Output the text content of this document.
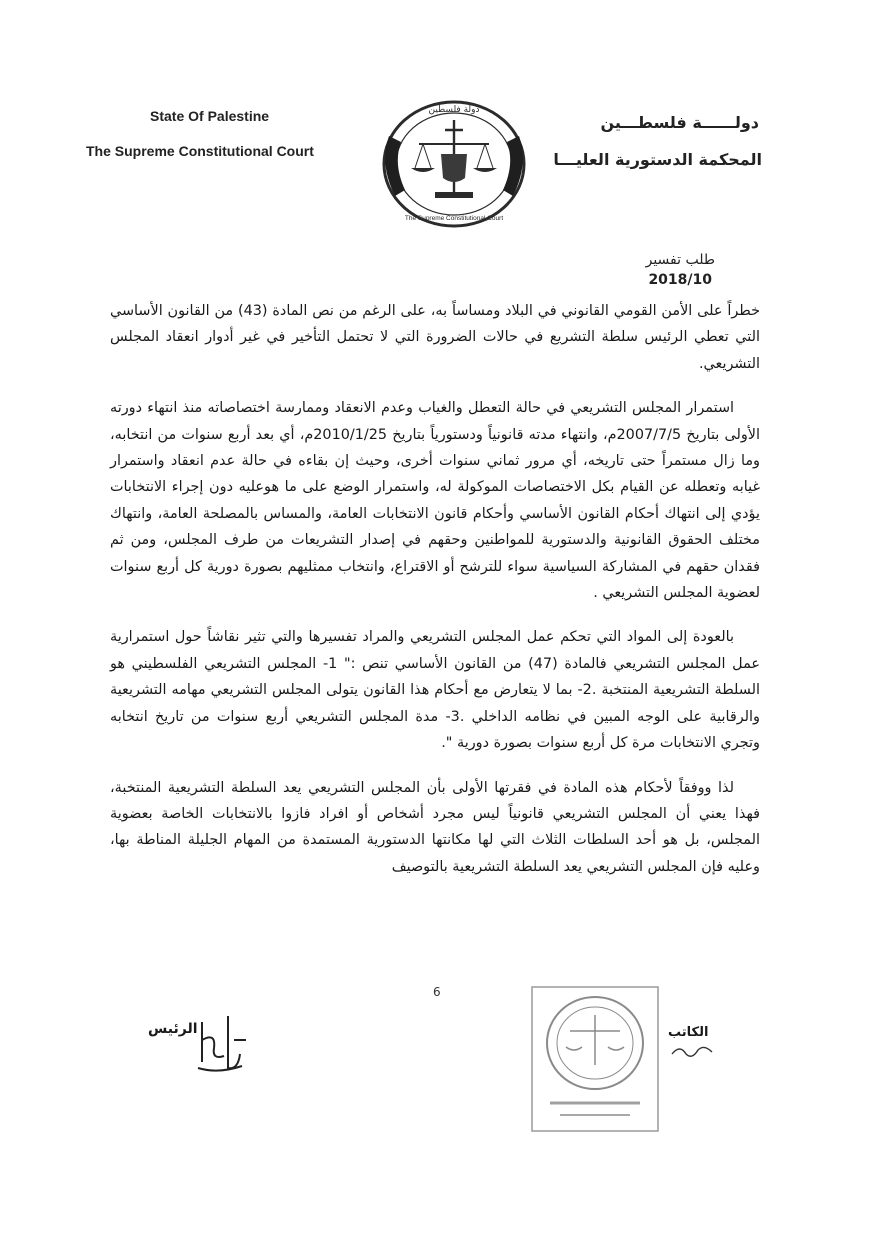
State Of Palestine
The Supreme Constitutional Court
دولــــــة فلسطـــين
المحكمة الدستورية العليـــا
دولة فلسطين
The Supreme Constitutional Court
طلب تفسير
2018/10

خطراً على الأمن القومي القانوني في البلاد ومساساً به، على الرغم من نص المادة (43) من القانون الأساسي التي تعطي الرئيس سلطة التشريع في حالات الضرورة التي لا تحتمل التأخير في غير أدوار انعقاد المجلس التشريعي.

استمرار المجلس التشريعي في حالة التعطل والغياب وعدم الانعقاد وممارسة اختصاصاته منذ انتهاء دورته الأولى بتاريخ 2007/7/5م، وانتهاء مدته قانونياً ودستورياً بتاريخ 2010/1/25م، أي بعد أربع سنوات من انتخابه، وما زال مستمراً حتى تاريخه، أي مرور ثماني سنوات أخرى، وحيث إن بقاءه في حالة عدم انعقاد واستمرار غيابه وتعطله عن القيام بكل الاختصاصات الموكولة له، واستمرار الوضع على ما هوعليه دون إجراء الانتخابات يؤدي إلى انتهاك أحكام القانون الأساسي وأحكام قانون الانتخابات العامة، والمساس بالمصلحة العامة، وانتهاك مختلف الحقوق القانونية والدستورية للمواطنين وحقهم في إصدار التشريعات من طرف المجلس، ومن ثم فقدان حقهم في المشاركة السياسية سواء للترشح أو الاقتراع، وانتخاب ممثليهم بصورة دورية كل أربع سنوات لعضوية المجلس التشريعي .

بالعودة إلى المواد التي تحكم عمل المجلس التشريعي والمراد تفسيرها والتي تثير نقاشاً حول استمرارية عمل المجلس التشريعي فالمادة (47) من القانون الأساسي تنص :" 1- المجلس التشريعي الفلسطيني هو السلطة التشريعية المنتخبة .2- بما لا يتعارض مع أحكام هذا القانون يتولى المجلس التشريعي مهامه التشريعية والرقابية على الوجه المبين في نظامه الداخلي .3- مدة المجلس التشريعي أربع سنوات من تاريخ انتخابه وتجري الانتخابات مرة كل أربع سنوات بصورة دورية ".

لذا ووفقاً لأحكام هذه المادة في فقرتها الأولى بأن المجلس التشريعي يعد السلطة التشريعية المنتخبة، فهذا يعني أن المجلس التشريعي قانونياً ليس مجرد أشخاص أو افراد فازوا بالانتخابات الخاصة بعضوية المجلس، بل هو أحد السلطات الثلاث التي لها مكانتها الدستورية المستمدة من المهام الجليلة المناطة بها، وعليه فإن المجلس التشريعي يعد السلطة التشريعية بالتوصيف

6
الرئيس	الكاتب
